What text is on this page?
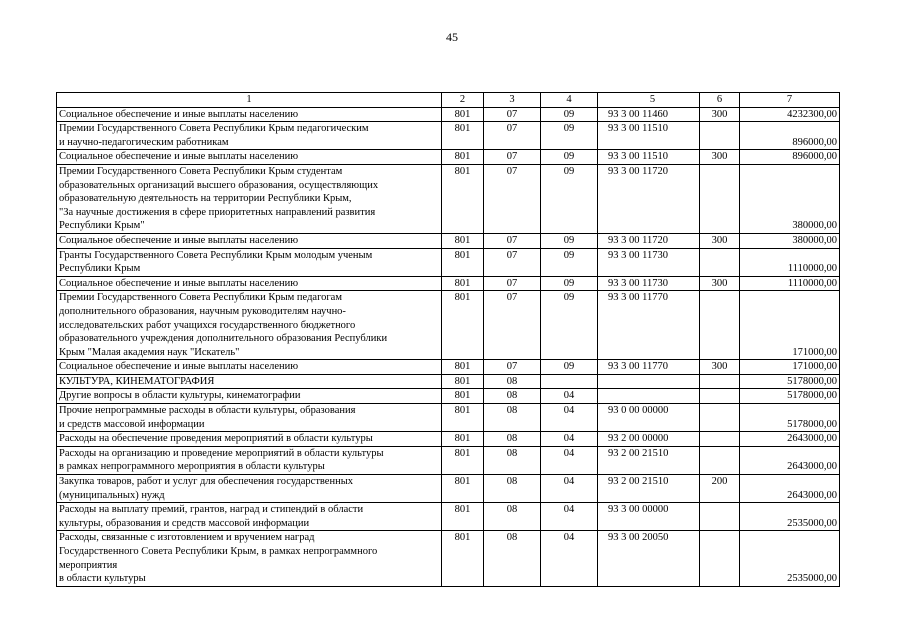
45
1	2	3	4	5	6	7
Социальное обеспечение и иные выплаты населению	801	07	09	93 3 00 11460	300	4232300,00
Премии Государственного Совета Республики Крым педагогическим
и научно-педагогическим работникам	801	07	09	93 3 00 11510		896000,00
Социальное обеспечение и иные выплаты населению	801	07	09	93 3 00 11510	300	896000,00
Премии Государственного Совета Республики Крым студентам
образовательных организаций высшего образования, осуществляющих
образовательную деятельность на территории Республики Крым,
"За научные достижения в сфере приоритетных направлений развития
Республики Крым"	801	07	09	93 3 00 11720		380000,00
Социальное обеспечение и иные выплаты населению	801	07	09	93 3 00 11720	300	380000,00
Гранты Государственного Совета Республики Крым молодым ученым
Республики Крым	801	07	09	93 3 00 11730		1110000,00
Социальное обеспечение и иные выплаты населению	801	07	09	93 3 00 11730	300	1110000,00
Премии Государственного Совета Республики Крым педагогам
дополнительного образования, научным руководителям научно-
исследовательских работ учащихся государственного бюджетного
образовательного учреждения дополнительного образования Республики
Крым "Малая академия наук "Искатель"	801	07	09	93 3 00 11770		171000,00
Социальное обеспечение и иные выплаты населению	801	07	09	93 3 00 11770	300	171000,00
КУЛЬТУРА, КИНЕМАТОГРАФИЯ	801	08				5178000,00
Другие вопросы в области культуры, кинематографии	801	08	04			5178000,00
Прочие непрограммные расходы в области культуры, образования
и средств массовой информации	801	08	04	93 0 00 00000		5178000,00
Расходы на обеспечение проведения мероприятий в области культуры	801	08	04	93 2 00 00000		2643000,00
Расходы на организацию и проведение мероприятий в области культуры
в рамках непрограммного мероприятия в области культуры	801	08	04	93 2 00 21510		2643000,00
Закупка товаров, работ и услуг для обеспечения государственных
(муниципальных) нужд	801	08	04	93 2 00 21510	200	2643000,00
Расходы на выплату премий, грантов, наград и стипендий в области
культуры, образования и средств массовой информации	801	08	04	93 3 00 00000		2535000,00
Расходы, связанные с изготовлением и вручением наград
Государственного Совета Республики Крым, в рамках непрограммного
мероприятия
в области культуры	801	08	04	93 3 00 20050		2535000,00
